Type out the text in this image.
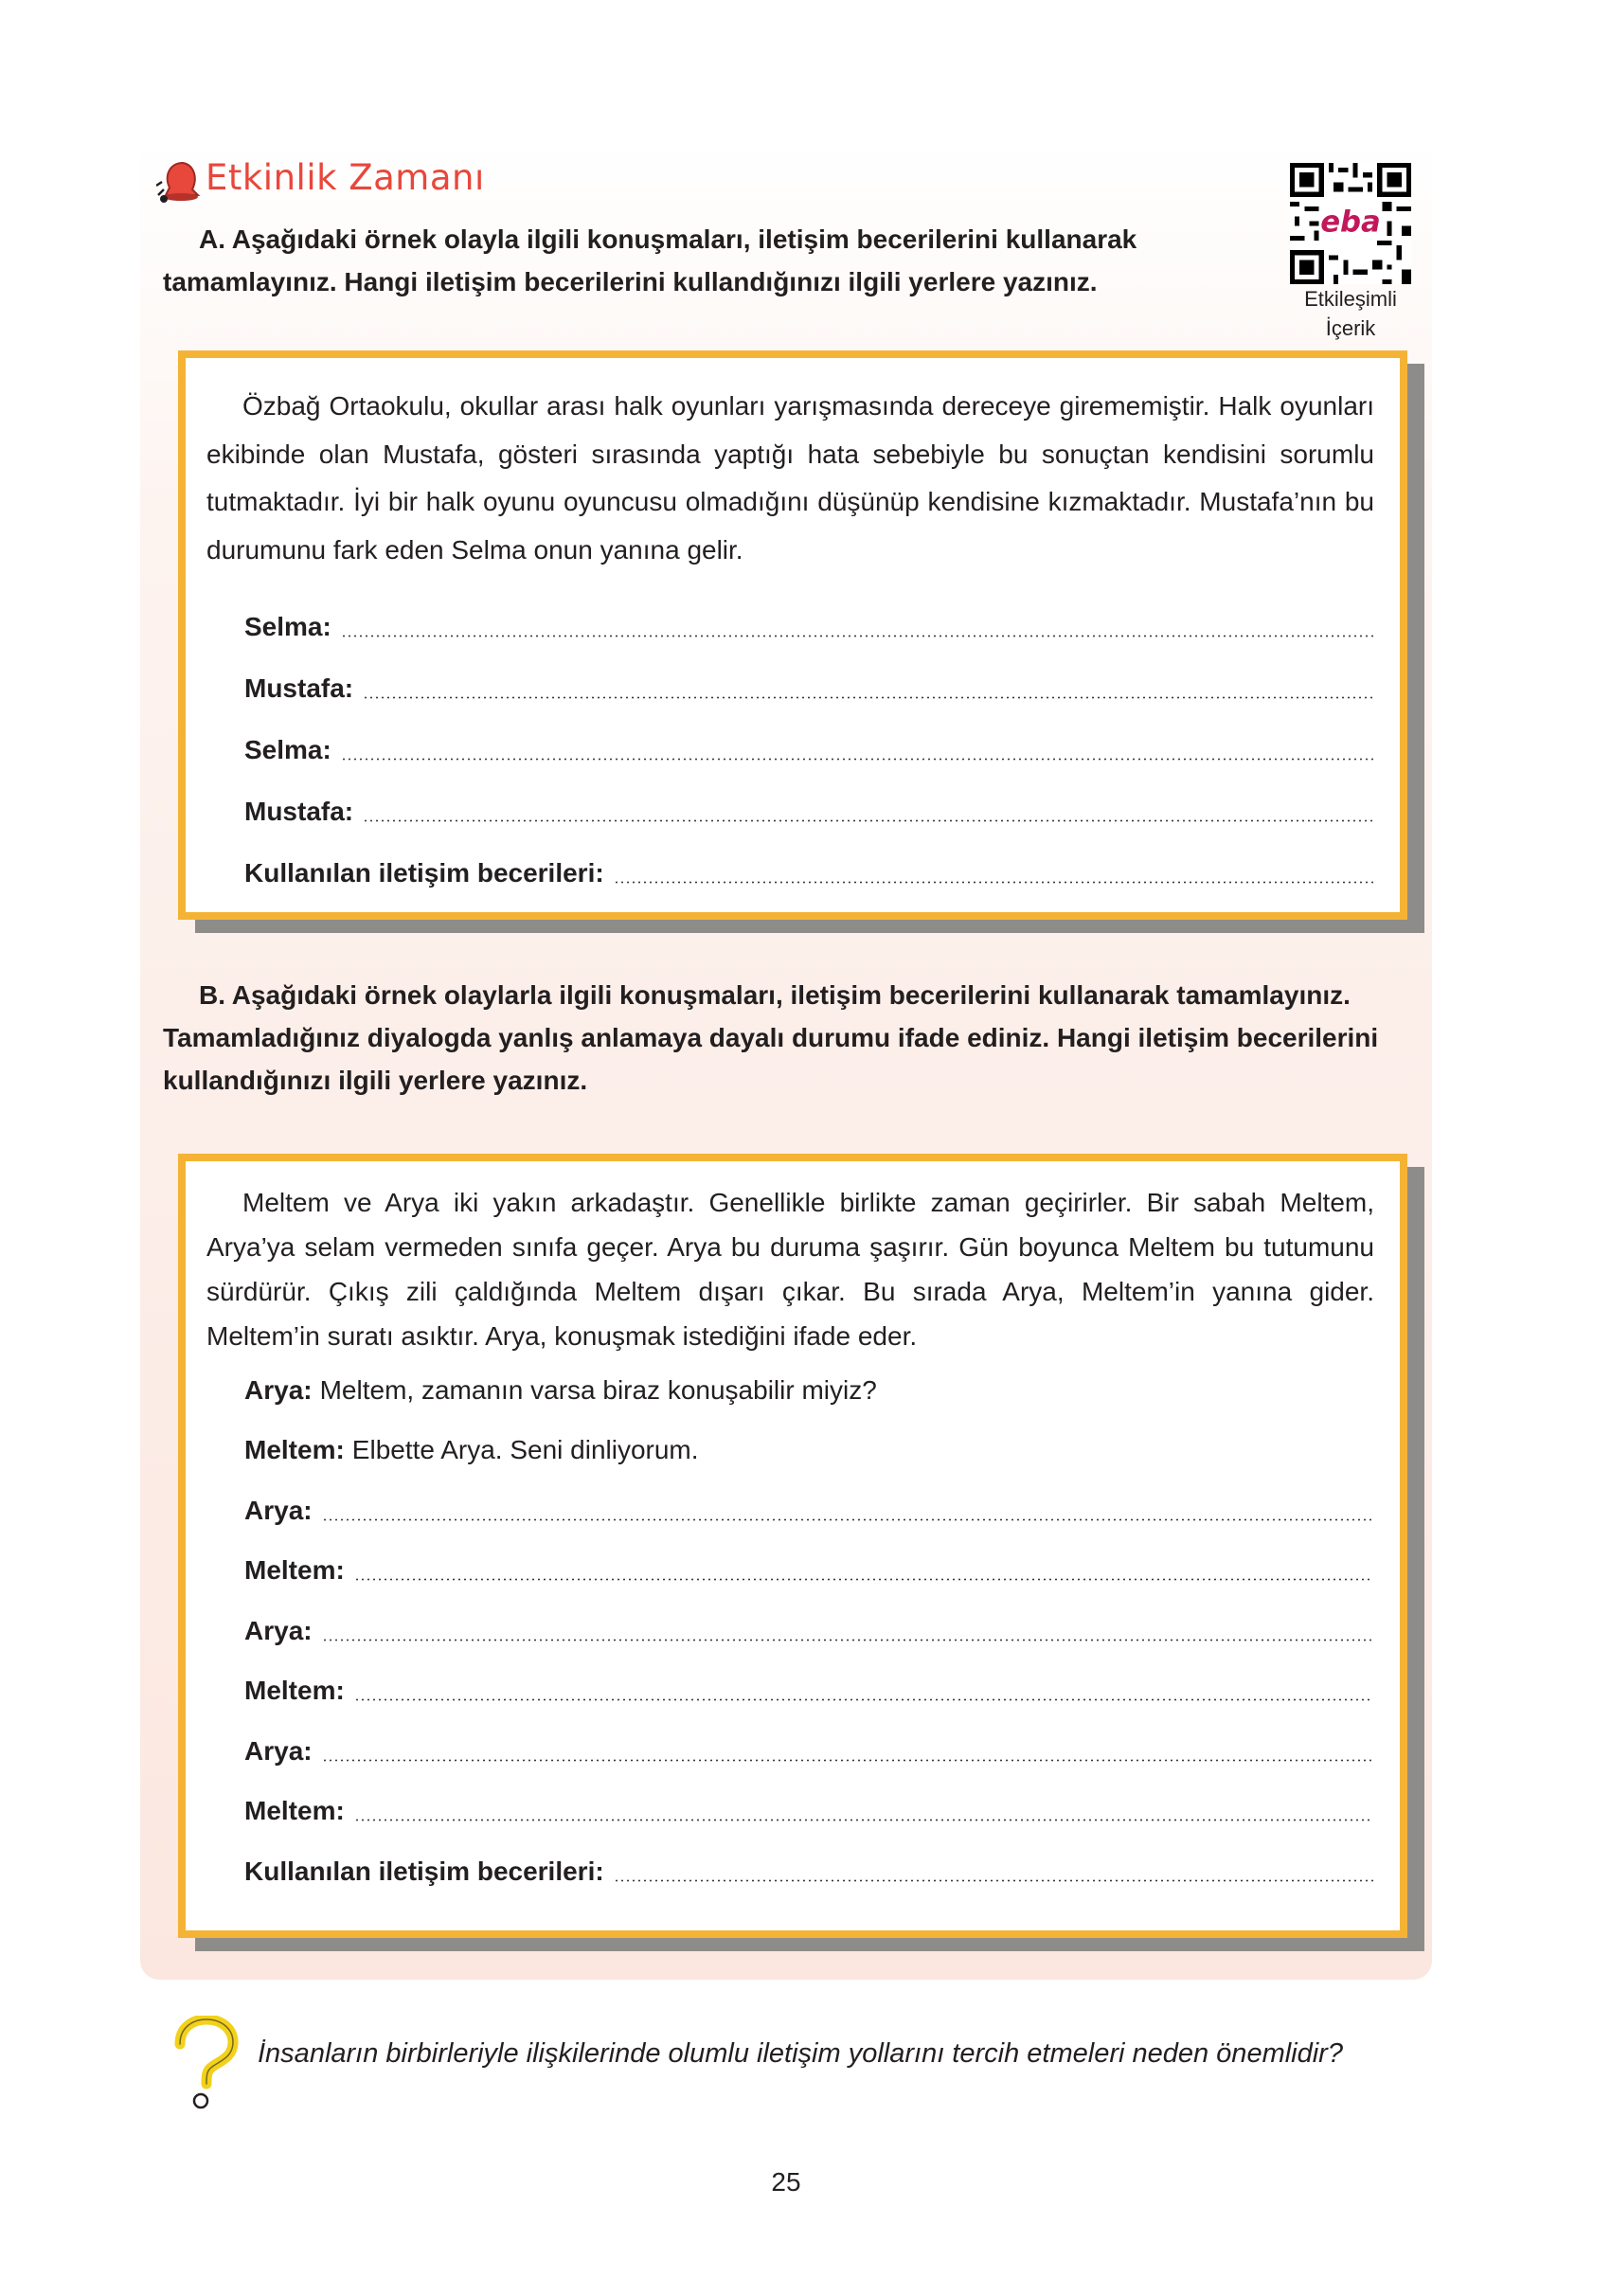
Etkinlik Zamanı
eba
Etkileşimli
İçerik
A. Aşağıdaki örnek olayla ilgili konuşmaları, iletişim becerilerini kullanarak tamamlayınız. Hangi iletişim becerilerini kullandığınızı ilgili yerlere yazınız.

Özbağ Ortaokulu, okullar arası halk oyunları yarışmasında dereceye girememiştir. Halk oyunları ekibinde olan Mustafa, gösteri sırasında yaptığı hata sebebiyle bu sonuçtan kendisini sorumlu tutmaktadır. İyi bir halk oyunu oyuncusu olmadığını düşünüp kendisine kızmaktadır. Mustafa’nın bu durumunu fark eden Selma onun yanına gelir.

Selma:
Mustafa:
Selma:
Mustafa:
Kullanılan iletişim becerileri:
B. Aşağıdaki örnek olaylarla ilgili konuşmaları, iletişim becerilerini kullanarak tamamlayınız. Tamamladığınız diyalogda yanlış anlamaya dayalı durumu ifade ediniz. Hangi iletişim becerilerini kullandığınızı ilgili yerlere yazınız.

Meltem ve Arya iki yakın arkadaştır. Genellikle birlikte zaman geçirirler. Bir sabah Meltem, Arya’ya selam vermeden sınıfa geçer. Arya bu duruma şaşırır. Gün boyunca Meltem bu tutumunu sürdürür. Çıkış zili çaldığında Meltem dışarı çıkar. Bu sırada Arya, Meltem’in yanına gider. Meltem’in suratı asıktır. Arya, konuşmak istediğini ifade eder.

Arya: Meltem, zamanın varsa biraz konuşabilir miyiz?
Meltem: Elbette Arya. Seni dinliyorum.
Arya:
Meltem:
Arya:
Meltem:
Arya:
Meltem:
Kullanılan iletişim becerileri:
İnsanların birbirleriyle ilişkilerinde olumlu iletişim yollarını tercih etmeleri neden önemlidir?
25
